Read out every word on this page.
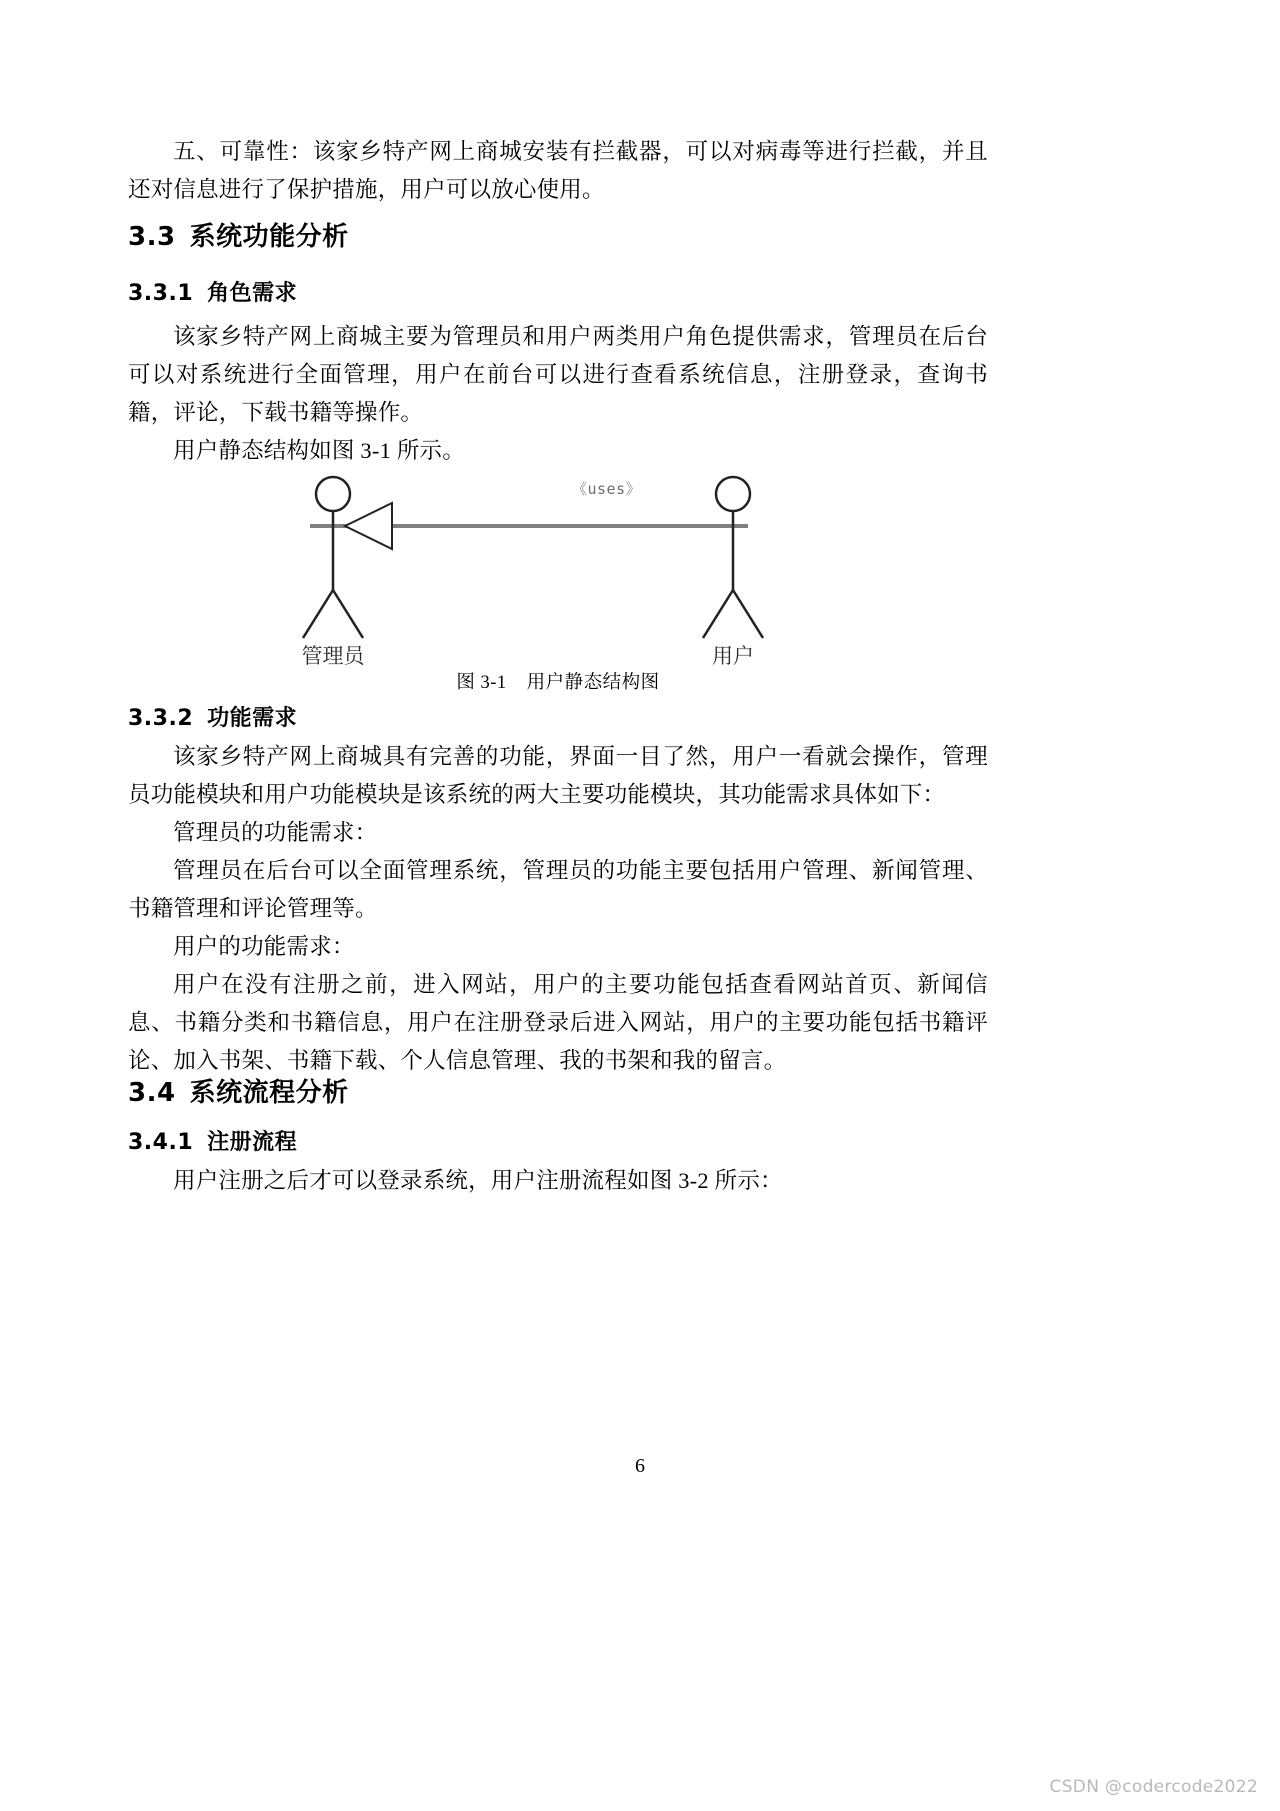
五、可靠性：该家乡特产网上商城安装有拦截器，可以对病毒等进行拦截，并且还对信息进行了保护措施，用户可以放心使用。

3.3 系统功能分析
3.3.1 角色需求

该家乡特产网上商城主要为管理员和用户两类用户角色提供需求，管理员在后台可以对系统进行全面管理，用户在前台可以进行查看系统信息，注册登录，查询书籍，评论，下载书籍等操作。

用户静态结构如图 3-1 所示。

《uses》
管理员	用户

图 3-1 用户静态结构图

3.3.2 功能需求

该家乡特产网上商城具有完善的功能，界面一目了然，用户一看就会操作，管理员功能模块和用户功能模块是该系统的两大主要功能模块，其功能需求具体如下：

管理员的功能需求：

管理员在后台可以全面管理系统，管理员的功能主要包括用户管理、新闻管理、书籍管理和评论管理等。

用户的功能需求：

用户在没有注册之前，进入网站，用户的主要功能包括查看网站首页、新闻信息、书籍分类和书籍信息，用户在注册登录后进入网站，用户的主要功能包括书籍评论、加入书架、书籍下载、个人信息管理、我的书架和我的留言。

3.4 系统流程分析
3.4.1 注册流程

用户注册之后才可以登录系统，用户注册流程如图 3-2 所示：

6
CSDN @codercode2022
